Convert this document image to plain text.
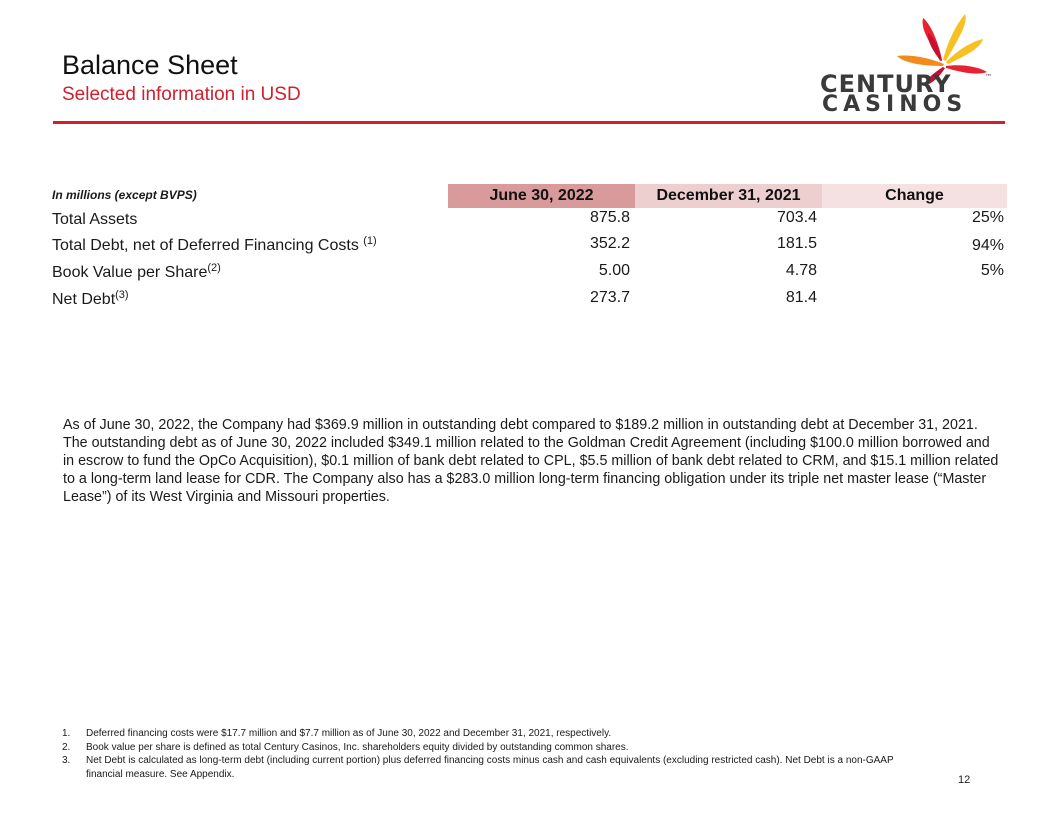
Balance Sheet
Selected information in USD	CENTURY	™
CASINOS
In millions (except BVPS)	June 30, 2022	December 31, 2021	Change
Total Assets	875.8	703.4	25%
Total Debt, net of Deferred Financing Costs $^{(1)}$	352.2	181.5	94%
Book Value per Share$^{(2)}$	5.00	4.78	5%
Net Debt$^{(3)}$	273.7	81.4

As of June 30, 2022, the Company had $369.9 million in outstanding debt compared to $189.2 million in outstanding debt at December 31, 2021. The outstanding debt as of June 30, 2022 included $349.1 million related to the Goldman Credit Agreement (including $100.0 million borrowed and in escrow to fund the OpCo Acquisition), $0.1 million of bank debt related to CPL, $5.5 million of bank debt related to CRM, and $15.1 million related to a long-term land lease for CDR. The Company also has a $283.0 million long-term financing obligation under its triple net master lease (“Master Lease”) of its West Virginia and Missouri properties.

1. Deferred financing costs were $17.7 million and $7.7 million as of June 30, 2022 and December 31, 2021, respectively.
2. Book value per share is defined as total Century Casinos, Inc. shareholders equity divided by outstanding common shares.
3. Net Debt is calculated as long-term debt (including current portion) plus deferred financing costs minus cash and cash equivalents (excluding restricted cash). Net Debt is a non-GAAP financial measure. See Appendix.	12
